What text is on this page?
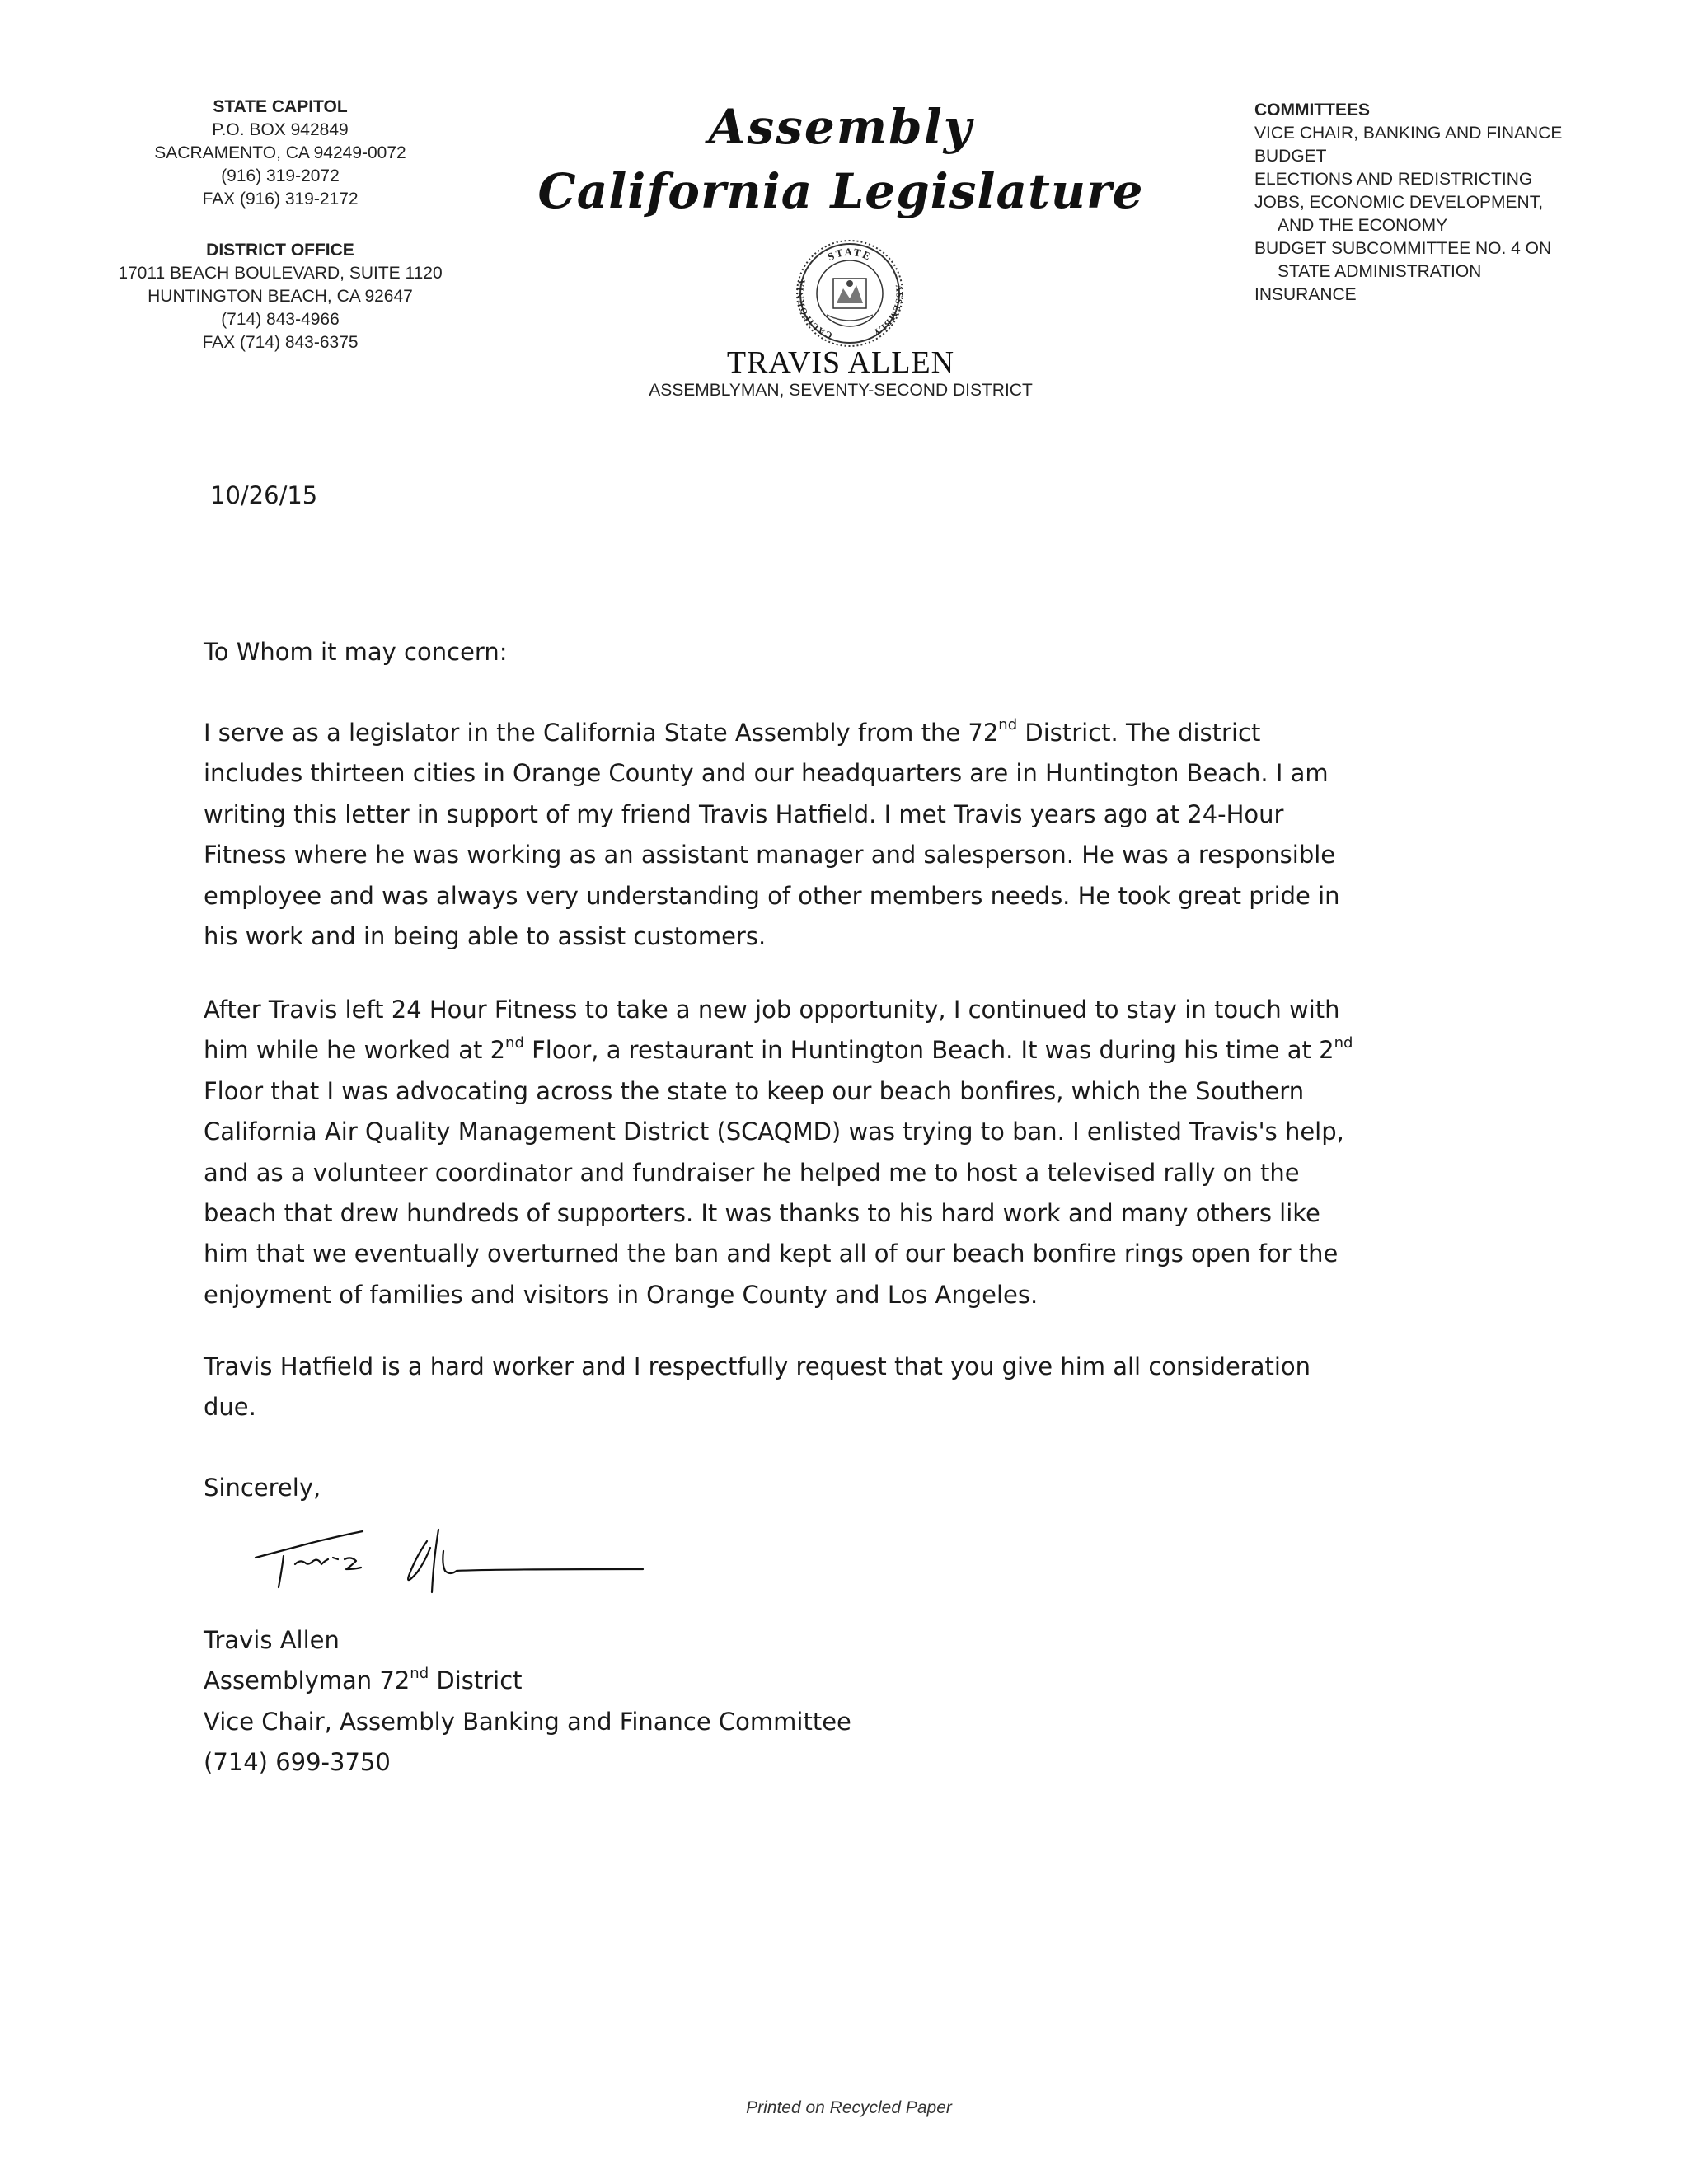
STATE CAPITOL
P.O. BOX 942849
SACRAMENTO, CA 94249-0072
(916) 319-2072
FAX (916) 319-2172
DISTRICT OFFICE
17011 BEACH BOULEVARD, SUITE 1120
HUNTINGTON BEACH, CA 92647
(714) 843-4966
FAX (714) 843-6375
Assembly
California Legislature
STATE
CALIFORNIA
ASSEMBLY
TRAVIS ALLEN
ASSEMBLYMAN, SEVENTY-SECOND DISTRICT
COMMITTEES
VICE CHAIR, BANKING AND FINANCE
BUDGET
ELECTIONS AND REDISTRICTING
JOBS, ECONOMIC DEVELOPMENT,
AND THE ECONOMY
BUDGET SUBCOMMITTEE NO. 4 ON
STATE ADMINISTRATION
INSURANCE
10/26/15
To Whom it may concern:
I serve as a legislator in the California State Assembly from the 72nd District. The district
includes thirteen cities in Orange County and our headquarters are in Huntington Beach. I am
writing this letter in support of my friend Travis Hatfield. I met Travis years ago at 24-Hour
Fitness where he was working as an assistant manager and salesperson. He was a responsible
employee and was always very understanding of other members needs. He took great pride in
his work and in being able to assist customers.
After Travis left 24 Hour Fitness to take a new job opportunity, I continued to stay in touch with
him while he worked at 2nd Floor, a restaurant in Huntington Beach. It was during his time at 2nd
Floor that I was advocating across the state to keep our beach bonfires, which the Southern
California Air Quality Management District (SCAQMD) was trying to ban. I enlisted Travis's help,
and as a volunteer coordinator and fundraiser he helped me to host a televised rally on the
beach that drew hundreds of supporters. It was thanks to his hard work and many others like
him that we eventually overturned the ban and kept all of our beach bonfire rings open for the
enjoyment of families and visitors in Orange County and Los Angeles.
Travis Hatfield is a hard worker and I respectfully request that you give him all consideration
due.
Sincerely,
Travis Allen
Assemblyman 72nd District
Vice Chair, Assembly Banking and Finance Committee
(714) 699-3750
Printed on Recycled Paper
